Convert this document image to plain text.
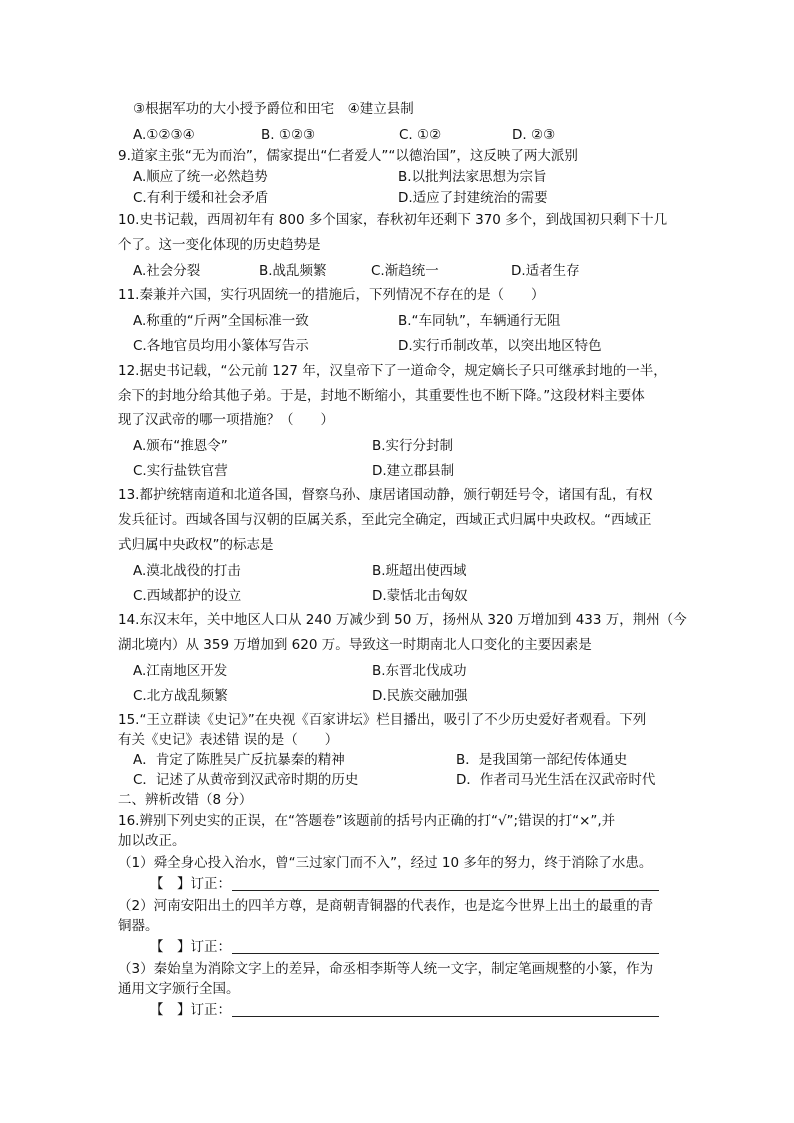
③根据军功的大小授予爵位和田宅　④建立县制
A.①②③④	B. ①②③	C. ①②	D. ②③
9.道家主张“无为而治”，儒家提出“仁者爱人”“以德治国”，这反映了两大派别
A.顺应了统一必然趋势	B.以批判法家思想为宗旨
C.有利于缓和社会矛盾	D.适应了封建统治的需要
10.史书记载，西周初年有 800 多个国家，春秋初年还剩下 370 多个，到战国初只剩下十几
个了。这一变化体现的历史趋势是
A.社会分裂	B.战乱频繁	C.渐趋统一	D.适者生存
11.秦兼并六国，实行巩固统一的措施后，下列情况不存在的是（　　）
A.称重的“斤两”全国标准一致	B.“车同轨”，车辆通行无阻
C.各地官员均用小篆体写告示	D.实行币制改革，以突出地区特色
12.据史书记载，“公元前 127 年，汉皇帝下了一道命令，规定嫡长子只可继承封地的一半，
余下的封地分给其他子弟。于是，封地不断缩小，其重要性也不断下降。”这段材料主要体
现了汉武帝的哪一项措施？（　　）
A.颁布“推恩令”	B.实行分封制
C.实行盐铁官营	D.建立郡县制
13.都护统辖南道和北道各国，督察乌孙、康居诸国动静，颁行朝廷号令，诸国有乱，有权
发兵征讨。西域各国与汉朝的臣属关系，至此完全确定，西域正式归属中央政权。“西域正
式归属中央政权”的标志是
A.漠北战役的打击	B.班超出使西域
C.西域都护的设立	D.蒙恬北击匈奴
14.东汉末年，关中地区人口从 240 万减少到 50 万，扬州从 320 万增加到 433 万，荆州（今
湖北境内）从 359 万增加到 620 万。导致这一时期南北人口变化的主要因素是
A.江南地区开发	B.东晋北伐成功
C.北方战乱频繁	D.民族交融加强
15.“王立群读《史记》”在央视《百家讲坛》栏目播出，吸引了不少历史爱好者观看。下列
有关《史记》表述错 误的是（　　）
A．肯定了陈胜吴广反抗暴秦的精神	B．是我国第一部纪传体通史
C．记述了从黄帝到汉武帝时期的历史	D．作者司马光生活在汉武帝时代
二、辨析改错（8 分）
16.辨别下列史实的正误，在“答题卷”该题前的括号内正确的打“√”;错误的打“×”,并
加以改正。
（1）舜全身心投入治水，曾“三过家门而不入”，经过 10 多年的努力，终于消除了水患。
【　】订正：
（2）河南安阳出土的四羊方尊，是商朝青铜器的代表作，也是迄今世界上出土的最重的青
铜器。
【　】订正：
（3）秦始皇为消除文字上的差异，命丞相李斯等人统一文字，制定笔画规整的小篆，作为
通用文字颁行全国。
【　】订正：
